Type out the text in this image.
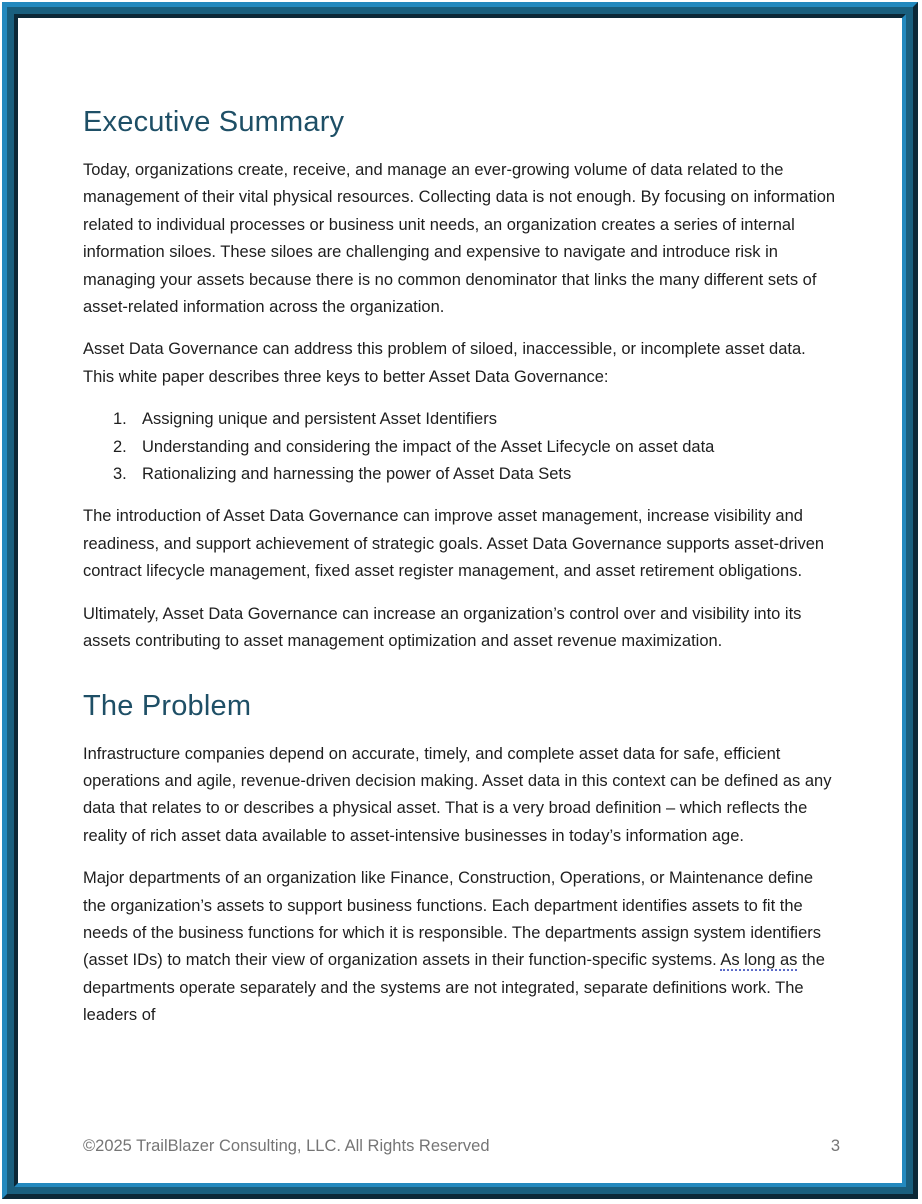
Executive Summary

Today, organizations create, receive, and manage an ever-growing volume of data related to the management of their vital physical resources. Collecting data is not enough. By focusing on information related to individual processes or business unit needs, an organization creates a series of internal information siloes. These siloes are challenging and expensive to navigate and introduce risk in managing your assets because there is no common denominator that links the many different sets of asset-related information across the organization.

Asset Data Governance can address this problem of siloed, inaccessible, or incomplete asset data. This white paper describes three keys to better Asset Data Governance:

1. Assigning unique and persistent Asset Identifiers
2. Understanding and considering the impact of the Asset Lifecycle on asset data
3. Rationalizing and harnessing the power of Asset Data Sets

The introduction of Asset Data Governance can improve asset management, increase visibility and readiness, and support achievement of strategic goals. Asset Data Governance supports asset-driven contract lifecycle management, fixed asset register management, and asset retirement obligations.

Ultimately, Asset Data Governance can increase an organization’s control over and visibility into its assets contributing to asset management optimization and asset revenue maximization.

The Problem

Infrastructure companies depend on accurate, timely, and complete asset data for safe, efficient operations and agile, revenue-driven decision making. Asset data in this context can be defined as any data that relates to or describes a physical asset. That is a very broad definition – which reflects the reality of rich asset data available to asset-intensive businesses in today’s information age.

Major departments of an organization like Finance, Construction, Operations, or Maintenance define the organization’s assets to support business functions. Each department identifies assets to fit the needs of the business functions for which it is responsible. The departments assign system identifiers (asset IDs) to match their view of organization assets in their function-specific systems. As long as the departments operate separately and the systems are not integrated, separate definitions work. The leaders of

©2025 TrailBlazer Consulting, LLC. All Rights Reserved	3
